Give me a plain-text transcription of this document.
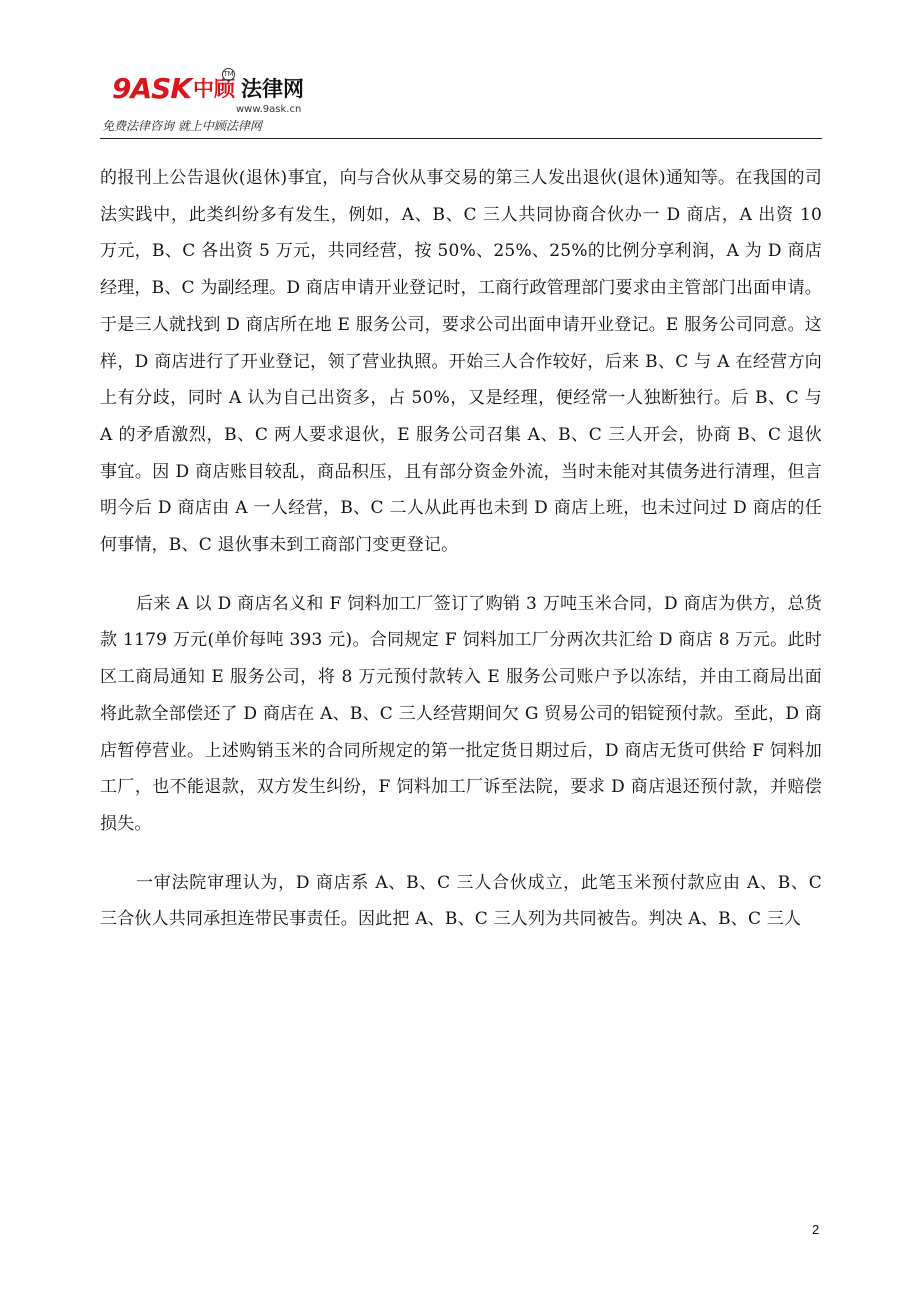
9ASK 中顾 法律网
TM
www.9ask.cn
免费法律咨询 就上中顾法律网

的报刊上公告退伙(退休)事宜，向与合伙从事交易的第三人发出退伙(退休)通知等。在我国的司法实践中，此类纠纷多有发生，例如，A、B、C 三人共同协商合伙办一 D 商店，A 出资 10 万元，B、C 各出资 5 万元，共同经营，按 50%、25%、25%的比例分享利润，A 为 D 商店经理，B、C 为副经理。D 商店申请开业登记时，工商行政管理部门要求由主管部门出面申请。于是三人就找到 D 商店所在地 E 服务公司，要求公司出面申请开业登记。E 服务公司同意。这样，D 商店进行了开业登记，领了营业执照。开始三人合作较好，后来 B、C 与 A 在经营方向上有分歧，同时 A 认为自己出资多，占 50%，又是经理，便经常一人独断独行。后 B、C 与 A 的矛盾激烈，B、C 两人要求退伙，E 服务公司召集 A、B、C 三人开会，协商 B、C 退伙事宜。因 D 商店账目较乱，商品积压，且有部分资金外流，当时未能对其债务进行清理，但言明今后 D 商店由 A 一人经营，B、C 二人从此再也未到 D 商店上班，也未过问过 D 商店的任何事情，B、C 退伙事未到工商部门变更登记。

后来 A 以 D 商店名义和 F 饲料加工厂签订了购销 3 万吨玉米合同，D 商店为供方，总货款 1179 万元(单价每吨 393 元)。合同规定 F 饲料加工厂分两次共汇给 D 商店 8 万元。此时区工商局通知 E 服务公司，将 8 万元预付款转入 E 服务公司账户予以冻结，并由工商局出面将此款全部偿还了 D 商店在 A、B、C 三人经营期间欠 G 贸易公司的铝锭预付款。至此，D 商店暂停营业。上述购销玉米的合同所规定的第一批定货日期过后，D 商店无货可供给 F 饲料加工厂，也不能退款，双方发生纠纷，F 饲料加工厂诉至法院，要求 D 商店退还预付款，并赔偿损失。

一审法院审理认为，D 商店系 A、B、C 三人合伙成立，此笔玉米预付款应由 A、B、C 三合伙人共同承担连带民事责任。因此把 A、B、C 三人列为共同被告。判决 A、B、C 三人

2
